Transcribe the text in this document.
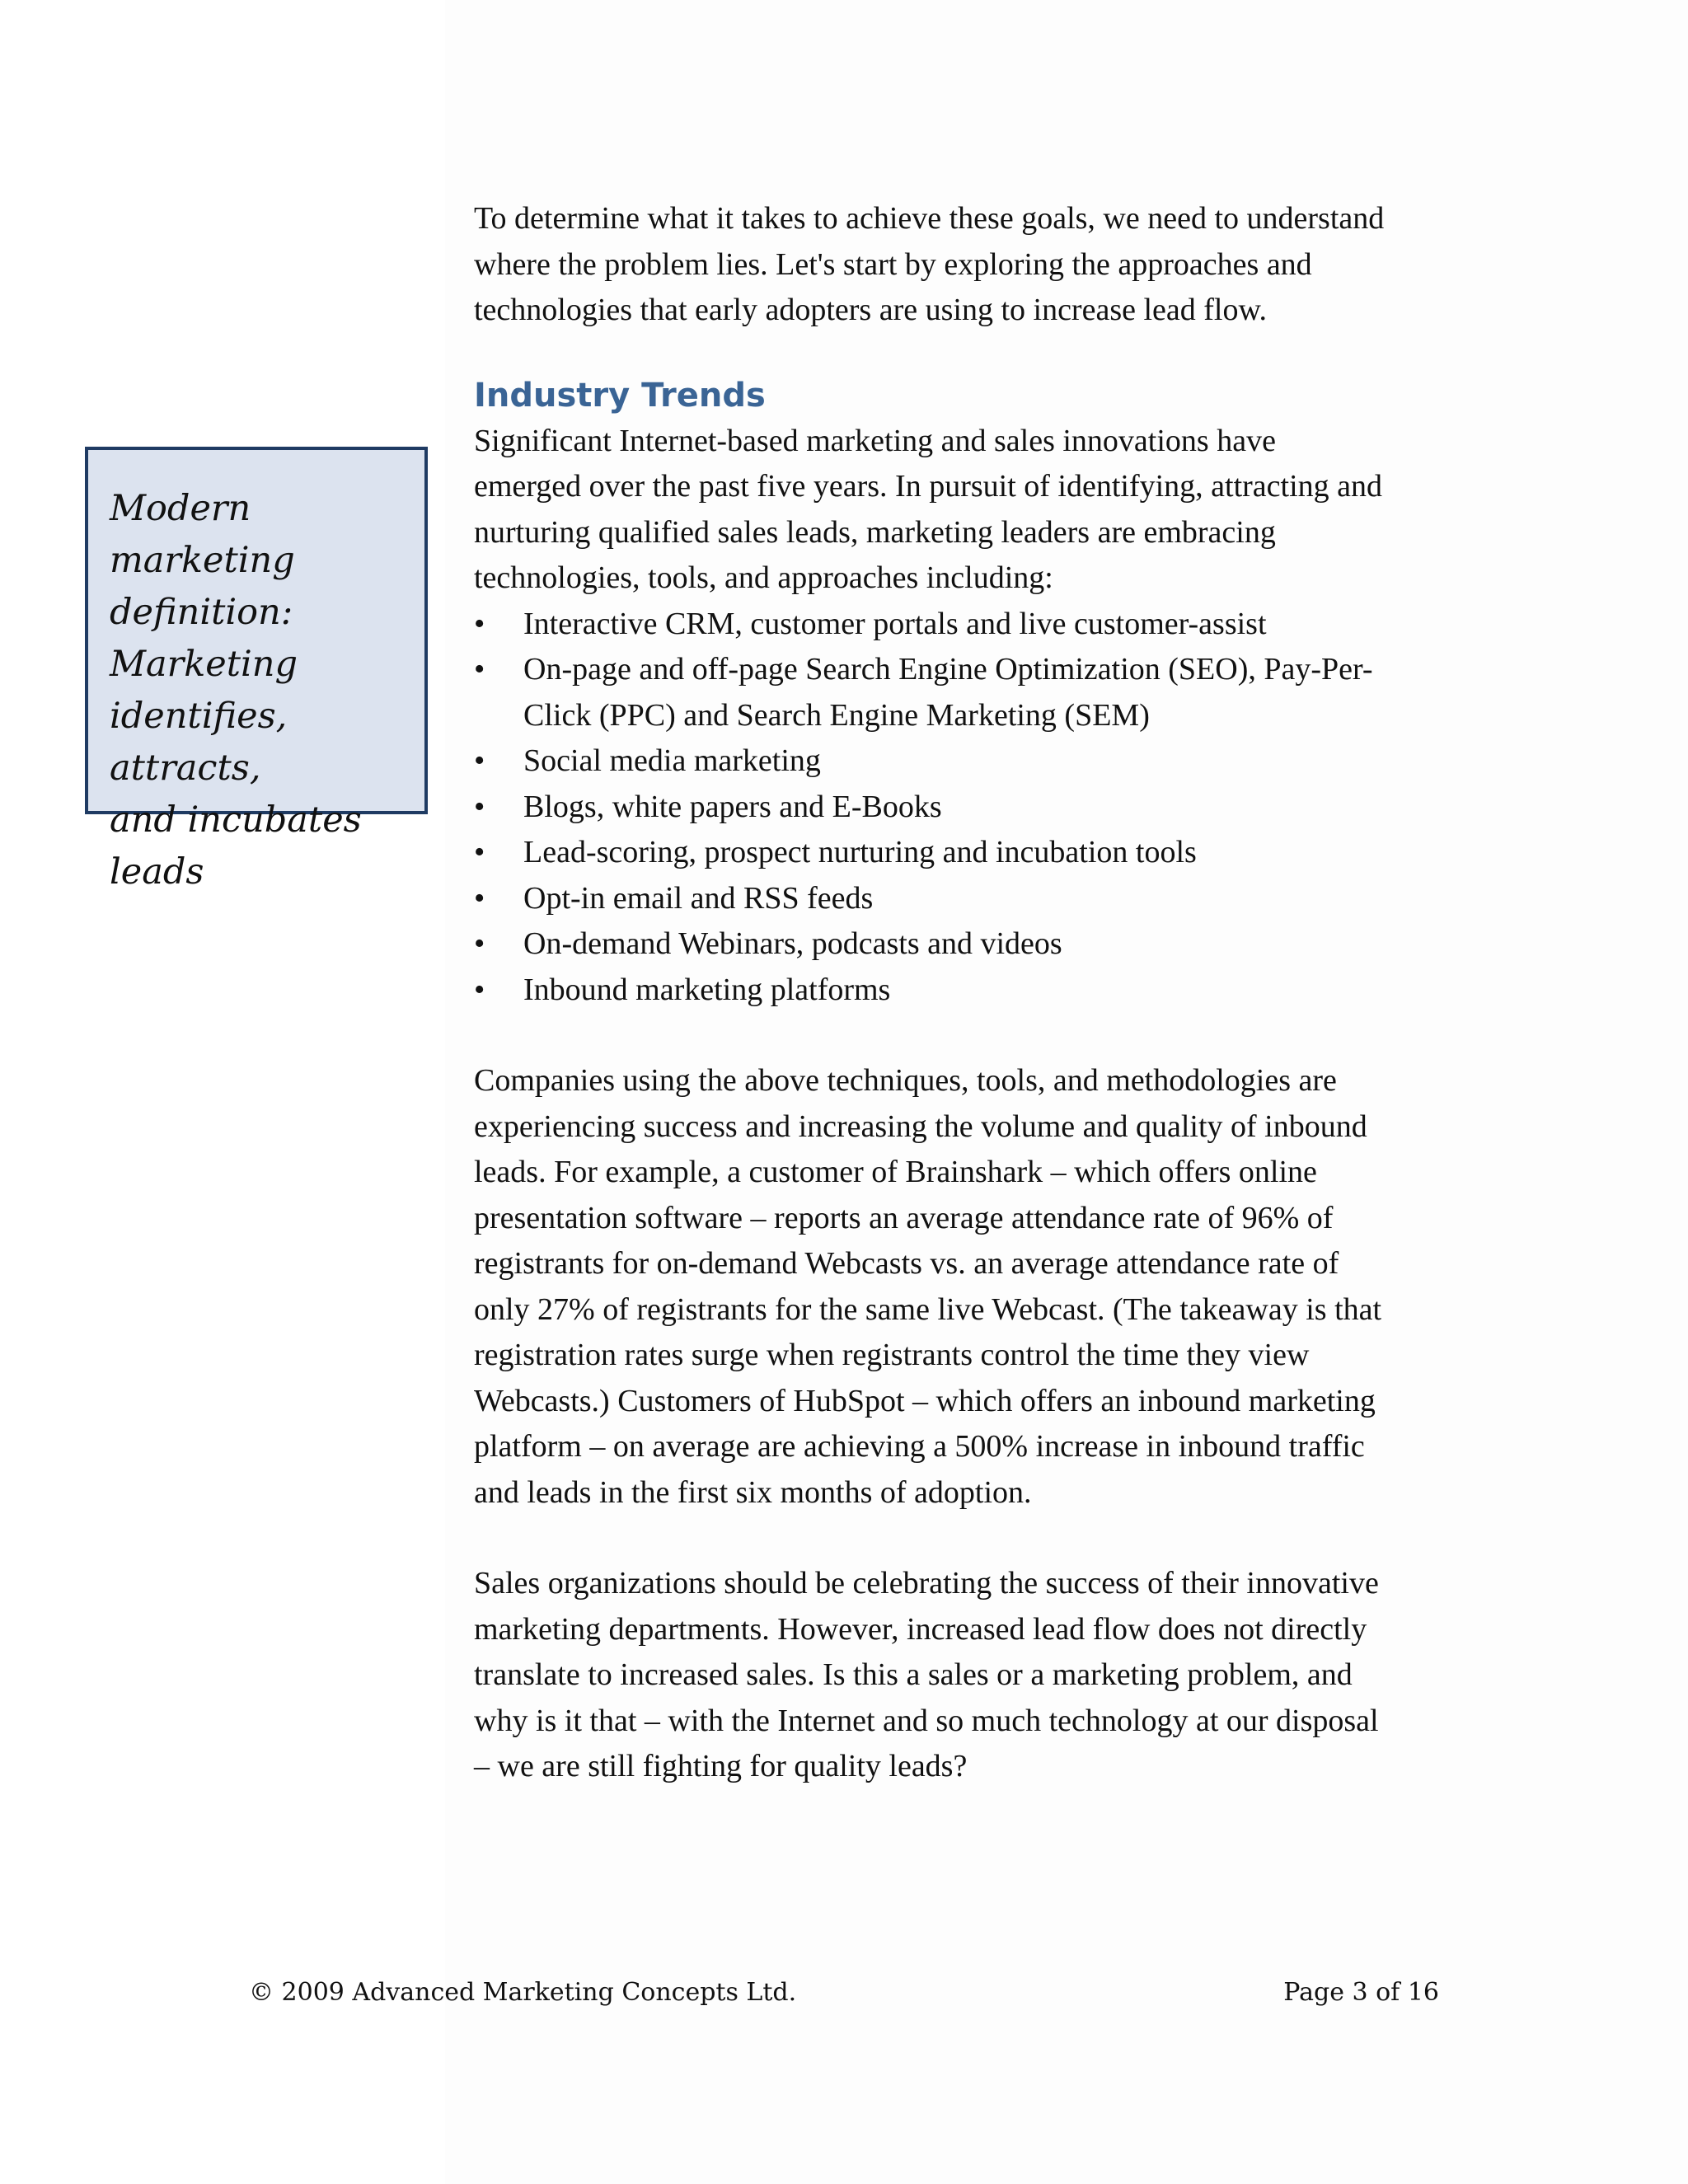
Modern marketing
definition:
Marketing
identifies, attracts,
and incubates
leads

To determine what it takes to achieve these goals, we need to understand
where the problem lies. Let's start by exploring the approaches and
technologies that early adopters are using to increase lead flow.

Industry Trends

Significant Internet-based marketing and sales innovations have
emerged over the past five years. In pursuit of identifying, attracting and
nurturing qualified sales leads, marketing leaders are embracing
technologies, tools, and approaches including:

•	Interactive CRM, customer portals and live customer-assist
•	On-page and off-page Search Engine Optimization (SEO), Pay-Per-
Click (PPC) and Search Engine Marketing (SEM)
•	Social media marketing
•	Blogs, white papers and E-Books
•	Lead-scoring, prospect nurturing and incubation tools
•	Opt-in email and RSS feeds
•	On-demand Webinars, podcasts and videos
•	Inbound marketing platforms

Companies using the above techniques, tools, and methodologies are
experiencing success and increasing the volume and quality of inbound
leads. For example, a customer of Brainshark – which offers online
presentation software – reports an average attendance rate of 96% of
registrants for on-demand Webcasts vs. an average attendance rate of
only 27% of registrants for the same live Webcast. (The takeaway is that
registration rates surge when registrants control the time they view
Webcasts.) Customers of HubSpot – which offers an inbound marketing
platform – on average are achieving a 500% increase in inbound traffic
and leads in the first six months of adoption.

Sales organizations should be celebrating the success of their innovative
marketing departments. However, increased lead flow does not directly
translate to increased sales. Is this a sales or a marketing problem, and
why is it that – with the Internet and so much technology at our disposal
– we are still fighting for quality leads?

© 2009 Advanced Marketing Concepts Ltd.	Page 3 of 16
